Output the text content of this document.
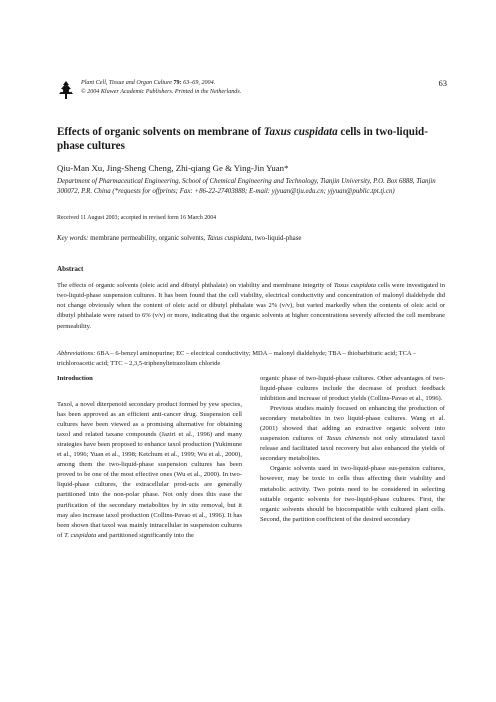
Plant Cell, Tissue and Organ Culture 79: 63–69, 2004.
© 2004 Kluwer Academic Publishers. Printed in the Netherlands.
63
Effects of organic solvents on membrane of Taxus cuspidata cells in two-liquid-phase cultures
Qiu-Man Xu, Jing-Sheng Cheng, Zhi-qiang Ge & Ying-Jin Yuan*
Department of Pharmaceutical Engineering, School of Chemical Engineering and Technology, Tianjin University, P.O. Box 6888, Tianjin 300072, P.R. China (*requests for offprints; Fax: +86-22-27403888; E-mail: yjyuan@tju.edu.cn; yjyuan@public.tpt.tj.cn)
Received 11 August 2003; accepted in revised form 16 March 2004
Key words: membrane permeability, organic solvents, Taxus cuspidata, two-liquid-phase
Abstract
The effects of organic solvents (oleic acid and dibutyl phthalate) on viability and membrane integrity of Taxus cuspidata cells were investigated in two-liquid-phase suspension cultures. It has been found that the cell viability, electrical conductivity and concentration of malonyl dialdehyde did not change obviously when the content of oleic acid or dibutyl phthalate was 2% (v/v), but varied markedly when the contents of oleic acid or dibutyl phthalate were raised to 6% (v/v) or more, indicating that the organic solvents at higher concentrations severely affected the cell membrane permeability.
Abbreviations: 6BA – 6-benzyl aminopurine; EC – electrical conductivity; MDA – malonyl dialdehyde; TBA – thiobarbituric acid; TCA – trichloroacetic acid; TTC – 2,3,5-triphenyltetrazolium chloride
Introduction

Taxol, a novel diterpenoid secondary product formed by yew species, has been approved as an efficient anti-cancer drug. Suspension cell cultures have been viewed as a promising alternative for obtaining taxol and related taxane compounds (Jaziri et al., 1996) and many strategies have been proposed to enhance taxol production (Yukimune et al., 1996; Yuan et al., 1998; Ketchum et al., 1999; Wu et al., 2000), among them the two-liquid-phase suspension cultures has been proved to be one of the most effective ones (Wu et al., 2000). In two-liquid-phase cultures, the extracellular prod-ucts are generally partitioned into the non-polar phase. Not only does this ease the purification of the secondary metabolites by in situ removal, but it may also increase taxol production (Collins-Pavao et al., 1996). It has been shown that taxol was mainly intracellular in suspension cultures of T. cuspidata and partitioned significantly into the

organic phase of two-liquid-phase cultures. Other advantages of two-liquid-phase cultures include the decrease of product feedback inhibition and increase of product yields (Collins-Pavao et al., 1996).

Previous studies mainly focused on enhancing the production of secondary metabolites in two liquid-phase cultures. Wang et al. (2001) showed that adding an extractive organic solvent into suspension cultures of Taxus chinensis not only stimulated taxol release and facilitated taxol recovery but also enhanced the yields of secondary metabolites.

Organic solvents used in two-liquid-phase sus-pension cultures, however, may be toxic to cells thus affecting their viability and metabolic activity. Two points need to be considered in selecting suitable organic solvents for two-liquid-phase cultures. First, the organic solvents should be biocompatible with cultured plant cells. Second, the partition coefficient of the desired secondary
